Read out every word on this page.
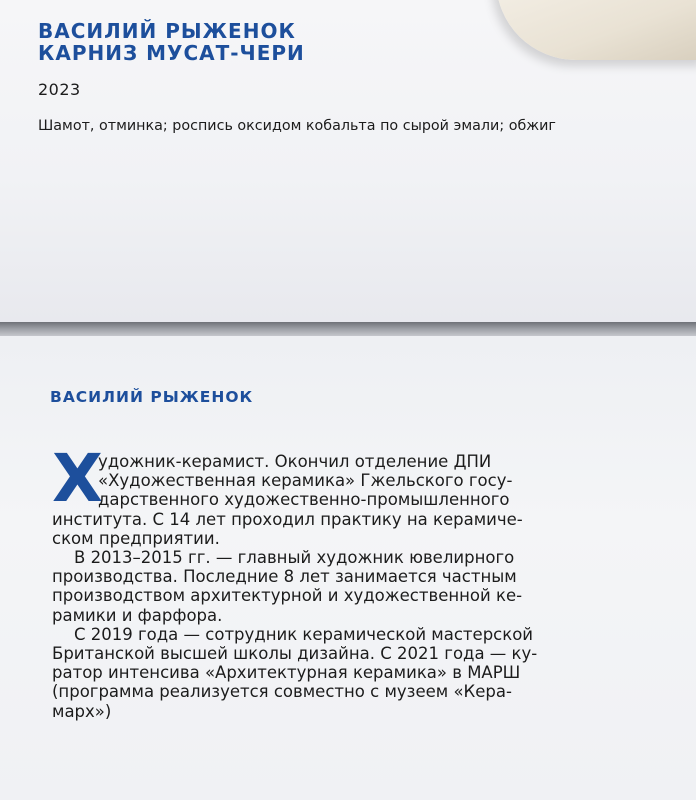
ВАСИЛИЙ РЫЖЕНОК
КАРНИЗ МУСАТ-ЧЕРИ

2023

Шамот, отминка; роспись оксидом кобальта по сырой эмали; обжиг

ВАСИЛИЙ РЫЖЕНОК
Х

удожник-керамист. Окончил отделение ДПИ

«Художественная керамика» Гжельского госу-

дарственного художественно-промышленного

института. С 14 лет проходил практику на керамиче-

ском предприятии.

В 2013–2015 гг. — главный художник ювелирного

производства. Последние 8 лет занимается частным

производством архитектурной и художественной ке-

рамики и фарфора.

С 2019 года — сотрудник керамической мастерской

Британской высшей школы дизайна. С 2021 года — ку-

ратор интенсива «Архитектурная керамика» в МАРШ

(программа реализуется совместно с музеем «Кера-

марх»)
